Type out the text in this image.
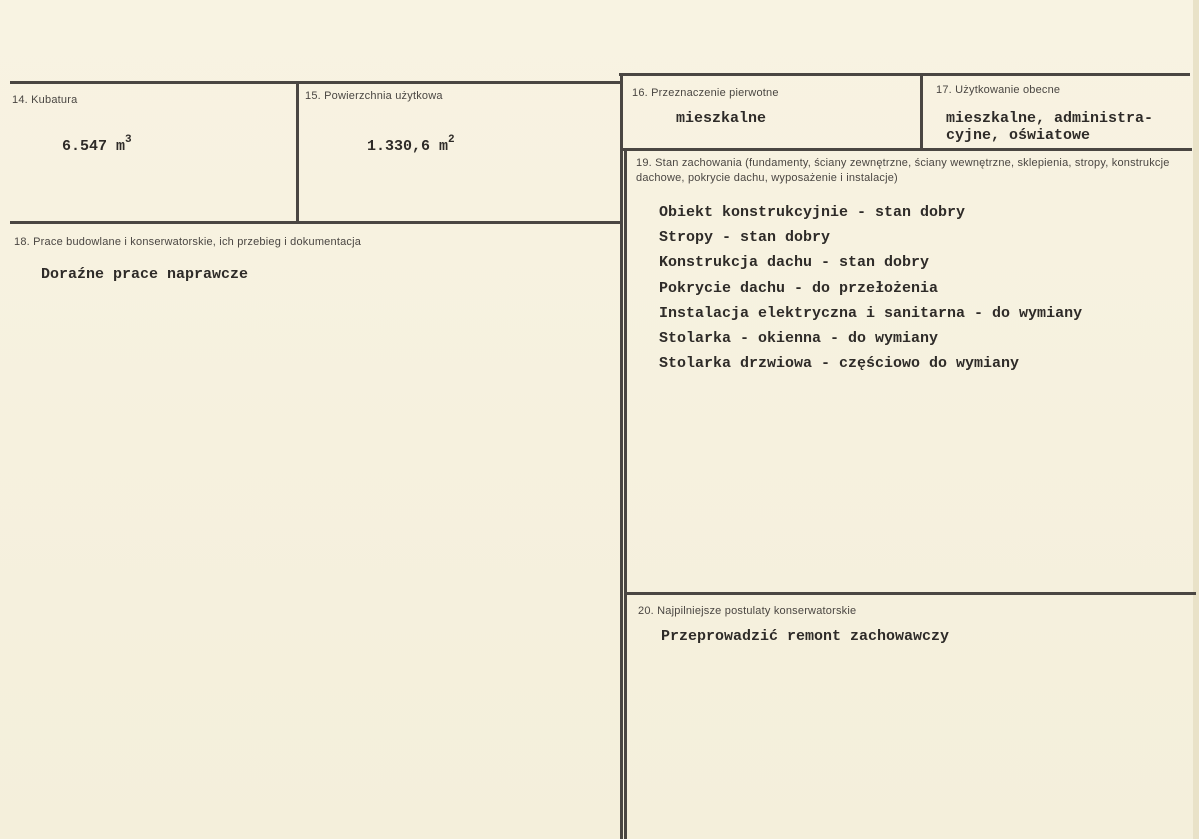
14. Kubatura
6.547 $m^3$
15. Powierzchnia użytkowa
1.330,6 $m^2$
16. Przeznaczenie pierwotne
mieszkalne
17. Użytkowanie obecne
mieszkalne, administra-
cyjne, oświatowe
18. Prace budowlane i konserwatorskie, ich przebieg i dokumentacja
Doraźne prace naprawcze
19. Stan zachowania (fundamenty, ściany zewnętrzne, ściany wewnętrzne, sklepienia, stropy, konstrukcje dachowe, pokrycie dachu, wyposażenie i instalacje)
Obiekt konstrukcyjnie - stan dobry
Stropy - stan dobry
Konstrukcja dachu - stan dobry
Pokrycie dachu - do przełożenia
Instalacja elektryczna i sanitarna - do wymiany
Stolarka - okienna - do wymiany
Stolarka drzwiowa - częściowo do wymiany
20. Najpilniejsze postulaty konserwatorskie
Przeprowadzić remont zachowawczy
